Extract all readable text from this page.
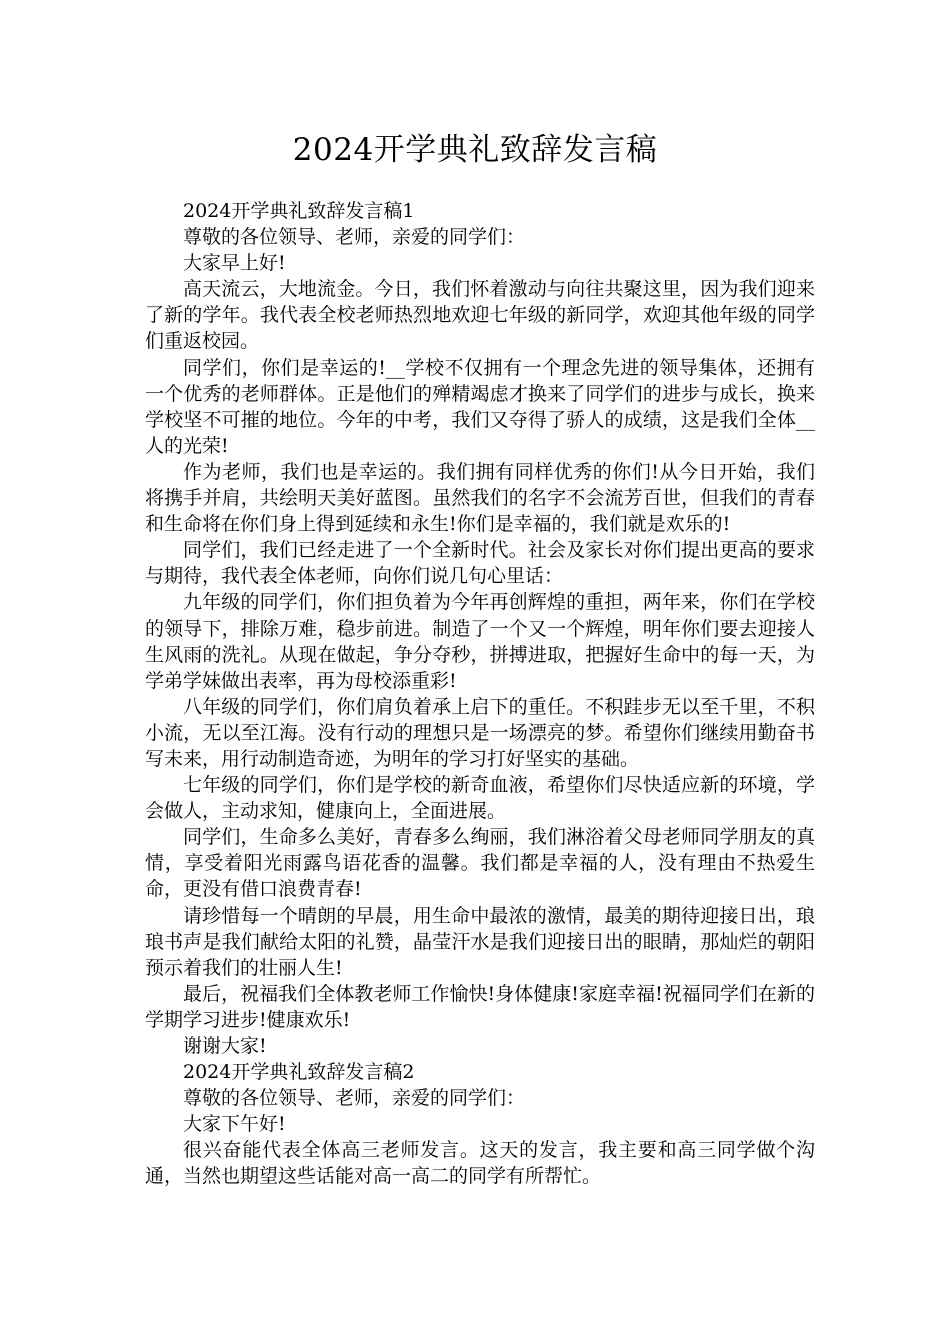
2024开学典礼致辞发言稿

2024开学典礼致辞发言稿1

尊敬的各位领导、老师，亲爱的同学们：

大家早上好!

高天流云，大地流金。今日，我们怀着激动与向往共聚这里，因为我们迎来了新的学年。我代表全校老师热烈地欢迎七年级的新同学，欢迎其他年级的同学们重返校园。

同学们，你们是幸运的!__学校不仅拥有一个理念先进的领导集体，还拥有一个优秀的老师群体。正是他们的殚精竭虑才换来了同学们的进步与成长，换来学校坚不可摧的地位。今年的中考，我们又夺得了骄人的成绩，这是我们全体__人的光荣!

作为老师，我们也是幸运的。我们拥有同样优秀的你们!从今日开始，我们将携手并肩，共绘明天美好蓝图。虽然我们的名字不会流芳百世，但我们的青春和生命将在你们身上得到延续和永生!你们是幸福的，我们就是欢乐的!

同学们，我们已经走进了一个全新时代。社会及家长对你们提出更高的要求与期待，我代表全体老师，向你们说几句心里话：

九年级的同学们，你们担负着为今年再创辉煌的重担，两年来，你们在学校的领导下，排除万难，稳步前进。制造了一个又一个辉煌，明年你们要去迎接人生风雨的洗礼。从现在做起，争分夺秒，拼搏进取，把握好生命中的每一天，为学弟学妹做出表率，再为母校添重彩!

八年级的同学们，你们肩负着承上启下的重任。不积跬步无以至千里，不积小流，无以至江海。没有行动的理想只是一场漂亮的梦。希望你们继续用勤奋书写未来，用行动制造奇迹，为明年的学习打好坚实的基础。

七年级的同学们，你们是学校的新奇血液，希望你们尽快适应新的环境，学会做人，主动求知，健康向上，全面进展。

同学们，生命多么美好，青春多么绚丽，我们淋浴着父母老师同学朋友的真情，享受着阳光雨露鸟语花香的温馨。我们都是幸福的人，没有理由不热爱生命，更没有借口浪费青春!

请珍惜每一个晴朗的早晨，用生命中最浓的激情，最美的期待迎接日出，琅琅书声是我们献给太阳的礼赞，晶莹汗水是我们迎接日出的眼睛，那灿烂的朝阳预示着我们的壮丽人生!

最后，祝福我们全体教老师工作愉快!身体健康!家庭幸福!祝福同学们在新的学期学习进步!健康欢乐!

谢谢大家!

2024开学典礼致辞发言稿2

尊敬的各位领导、老师，亲爱的同学们：

大家下午好!

很兴奋能代表全体高三老师发言。这天的发言，我主要和高三同学做个沟通，当然也期望这些话能对高一高二的同学有所帮忙。
